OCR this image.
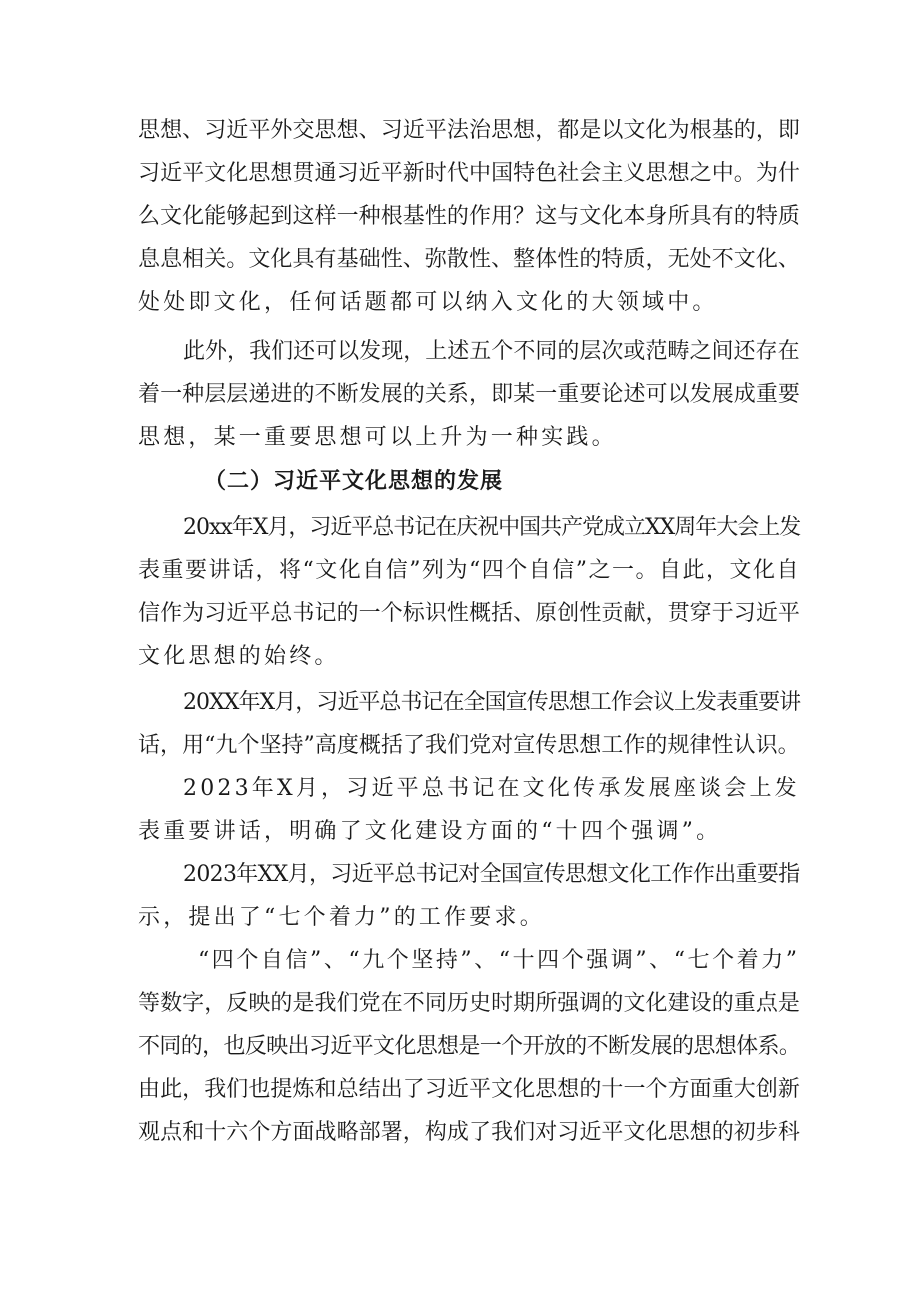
思想、习近平外交思想、习近平法治思想，都是以文化为根基的，即
习近平文化思想贯通习近平新时代中国特色社会主义思想之中。为什
么文化能够起到这样一种根基性的作用？这与文化本身所具有的特质
息息相关。文化具有基础性、弥散性、整体性的特质，无处不文化、
处处即文化，任何话题都可以纳入文化的大领域中。
此外，我们还可以发现，上述五个不同的层次或范畴之间还存在
着一种层层递进的不断发展的关系，即某一重要论述可以发展成重要
思想，某一重要思想可以上升为一种实践。
（二）习近平文化思想的发展
20xx年X月，习近平总书记在庆祝中国共产党成立XX周年大会上发
表重要讲话，将“文化自信”列为“四个自信”之一。自此，文化自
信作为习近平总书记的一个标识性概括、原创性贡献，贯穿于习近平
文化思想的始终。
20XX年X月，习近平总书记在全国宣传思想工作会议上发表重要讲
话，用“九个坚持”高度概括了我们党对宣传思想工作的规律性认识。
2023年X月，习近平总书记在文化传承发展座谈会上发
表重要讲话，明确了文化建设方面的“十四个强调”。
2023年XX月，习近平总书记对全国宣传思想文化工作作出重要指
示，提出了“七个着力”的工作要求。
“四个自信”、“九个坚持”、“十四个强调”、“七个着力”
等数字，反映的是我们党在不同历史时期所强调的文化建设的重点是
不同的，也反映出习近平文化思想是一个开放的不断发展的思想体系。
由此，我们也提炼和总结出了习近平文化思想的十一个方面重大创新
观点和十六个方面战略部署，构成了我们对习近平文化思想的初步科
